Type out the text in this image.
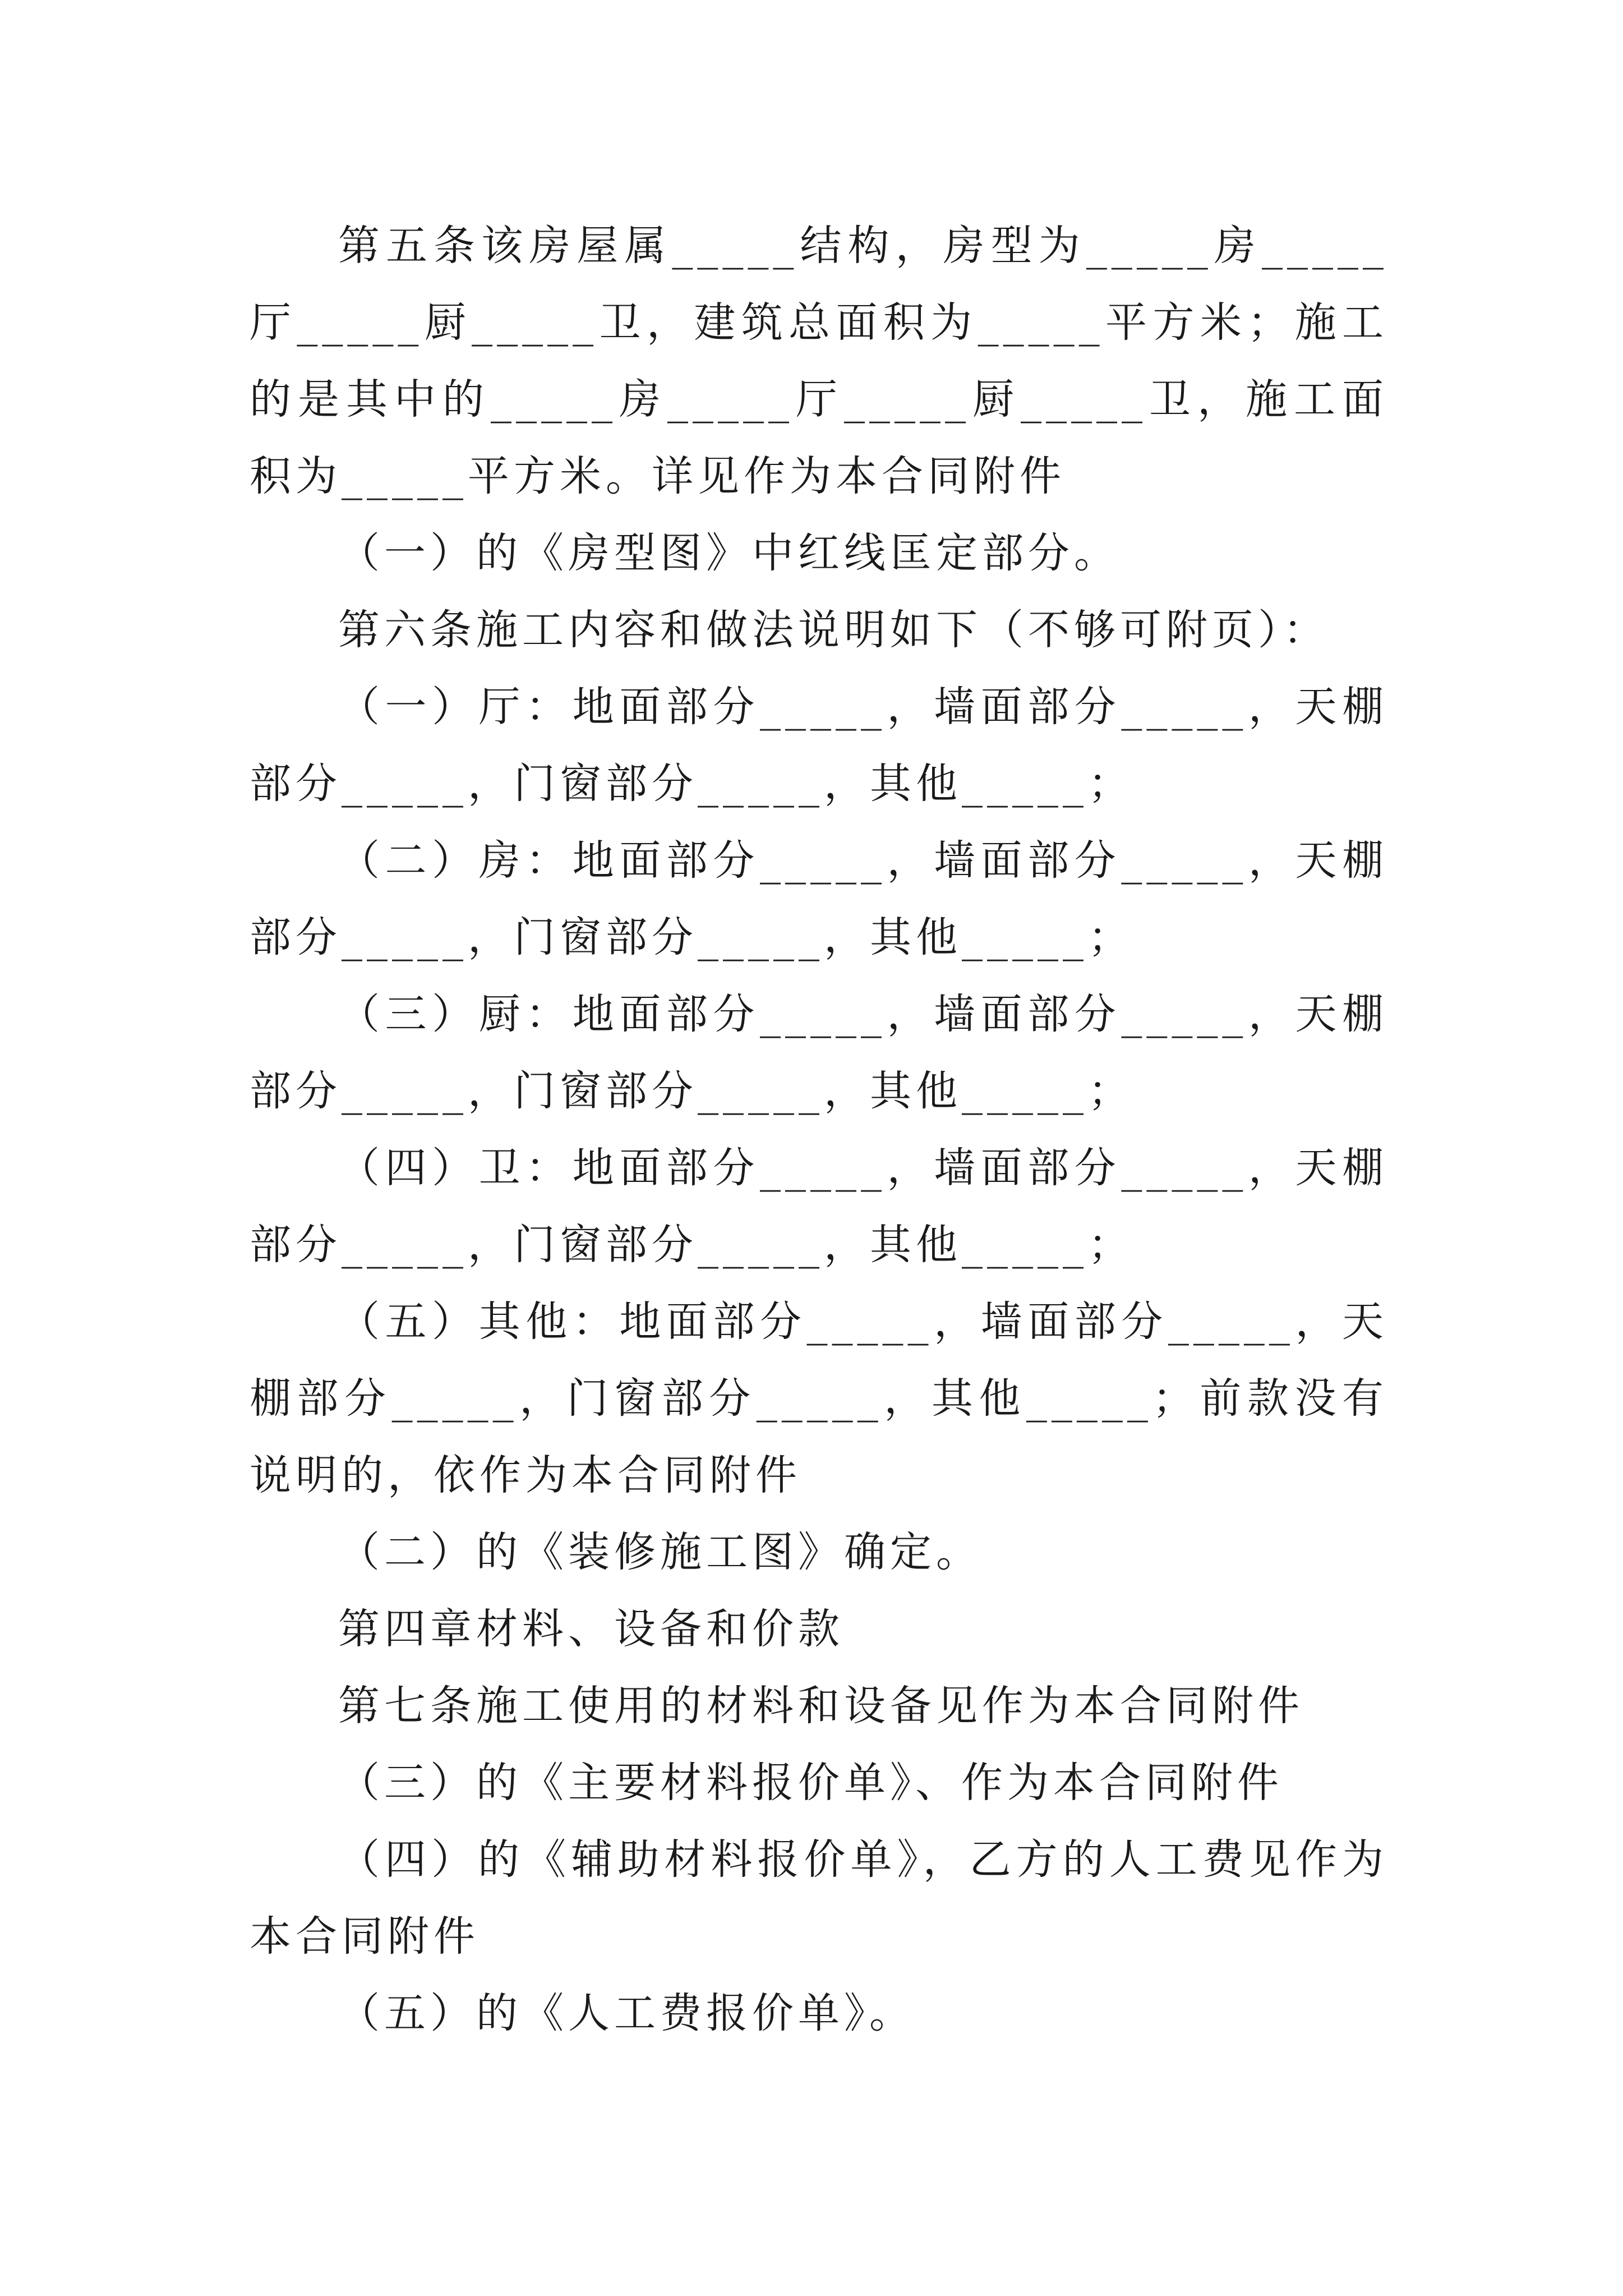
第五条该房屋属_____结构，房型为_____房_____厅_____厨_____卫，建筑总面积为_____平方米；施工的是其中的_____房_____厅_____厨_____卫，施工面积为_____平方米。详见作为本合同附件

（一）的《房型图》中红线匡定部分。

第六条施工内容和做法说明如下（不够可附页）：

（一）厅：地面部分_____，墙面部分_____，天棚部分_____，门窗部分_____，其他_____；

（二）房：地面部分_____，墙面部分_____，天棚部分_____，门窗部分_____，其他_____；

（三）厨：地面部分_____，墙面部分_____，天棚部分_____，门窗部分_____，其他_____；

（四）卫：地面部分_____，墙面部分_____，天棚部分_____，门窗部分_____，其他_____；

（五）其他：地面部分_____，墙面部分_____，天棚部分_____，门窗部分_____，其他_____；前款没有说明的，依作为本合同附件

（二）的《装修施工图》确定。

第四章材料、设备和价款

第七条施工使用的材料和设备见作为本合同附件

（三）的《主要材料报价单》、作为本合同附件

（四）的《辅助材料报价单》，乙方的人工费见作为本合同附件

（五）的《人工费报价单》。
